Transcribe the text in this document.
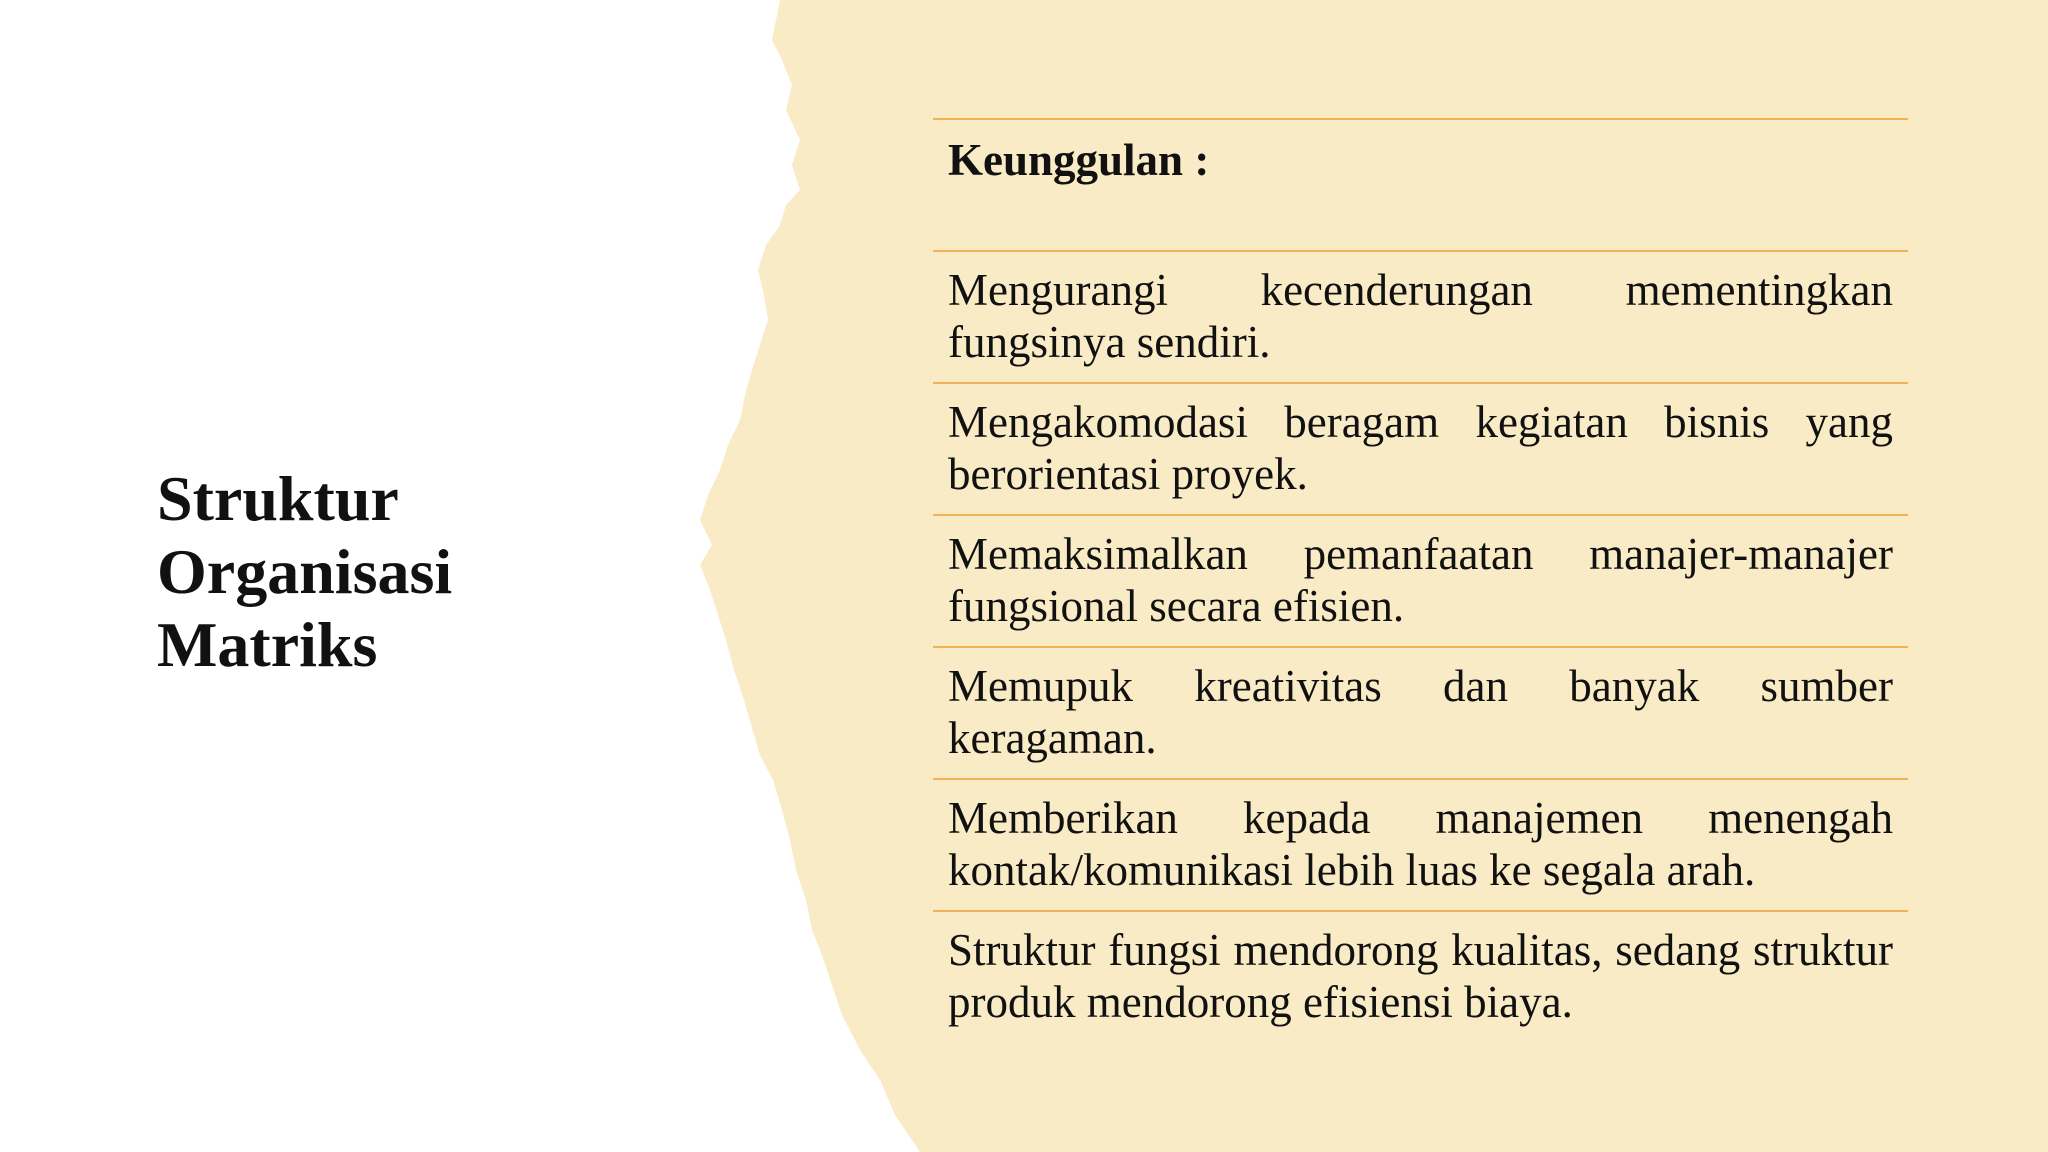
Struktur
Organisasi
Matriks
Keunggulan :
Mengurangi kecenderungan mementingkan fungsinya sendiri.
Mengakomodasi beragam kegiatan bisnis yang berorientasi proyek.
Memaksimalkan pemanfaatan manajer-manajer fungsional secara efisien.
Memupuk kreativitas dan banyak sumber keragaman.
Memberikan kepada manajemen menengah kontak/komunikasi lebih luas ke segala arah.
Struktur fungsi mendorong kualitas, sedang struktur produk mendorong efisiensi biaya.
